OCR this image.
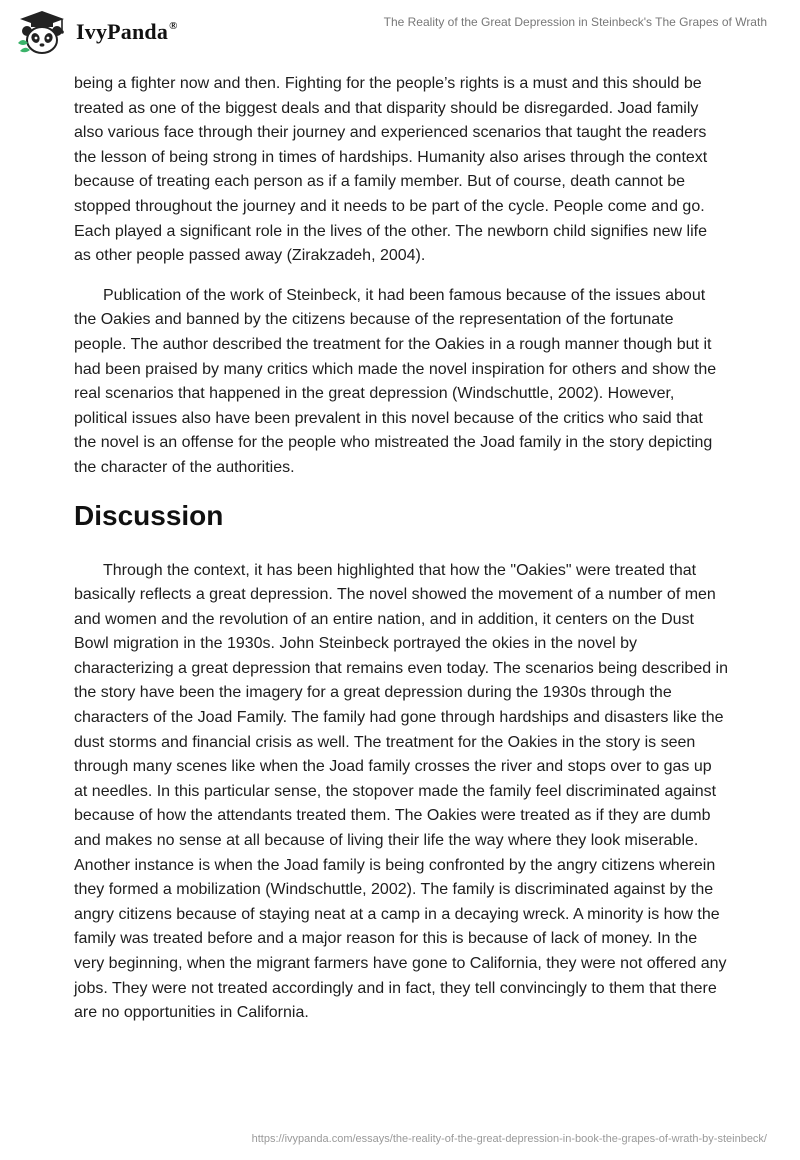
IvyPanda®	The Reality of the Great Depression in Steinbeck's The Grapes of Wrath

being a fighter now and then. Fighting for the people’s rights is a must and this should be treated as one of the biggest deals and that disparity should be disregarded. Joad family also various face through their journey and experienced scenarios that taught the readers the lesson of being strong in times of hardships. Humanity also arises through the context because of treating each person as if a family member. But of course, death cannot be stopped throughout the journey and it needs to be part of the cycle. People come and go. Each played a significant role in the lives of the other. The newborn child signifies new life as other people passed away (Zirakzadeh, 2004).

Publication of the work of Steinbeck, it had been famous because of the issues about the Oakies and banned by the citizens because of the representation of the fortunate people. The author described the treatment for the Oakies in a rough manner though but it had been praised by many critics which made the novel inspiration for others and show the real scenarios that happened in the great depression (Windschuttle, 2002). However, political issues also have been prevalent in this novel because of the critics who said that the novel is an offense for the people who mistreated the Joad family in the story depicting the character of the authorities.

Discussion

Through the context, it has been highlighted that how the "Oakies" were treated that basically reflects a great depression. The novel showed the movement of a number of men and women and the revolution of an entire nation, and in addition, it centers on the Dust Bowl migration in the 1930s. John Steinbeck portrayed the okies in the novel by characterizing a great depression that remains even today. The scenarios being described in the story have been the imagery for a great depression during the 1930s through the characters of the Joad Family. The family had gone through hardships and disasters like the dust storms and financial crisis as well. The treatment for the Oakies in the story is seen through many scenes like when the Joad family crosses the river and stops over to gas up at needles. In this particular sense, the stopover made the family feel discriminated against because of how the attendants treated them. The Oakies were treated as if they are dumb and makes no sense at all because of living their life the way where they look miserable. Another instance is when the Joad family is being confronted by the angry citizens wherein they formed a mobilization (Windschuttle, 2002). The family is discriminated against by the angry citizens because of staying neat at a camp in a decaying wreck. A minority is how the family was treated before and a major reason for this is because of lack of money. In the very beginning, when the migrant farmers have gone to California, they were not offered any jobs. They were not treated accordingly and in fact, they tell convincingly to them that there are no opportunities in California.

https://ivypanda.com/essays/the-reality-of-the-great-depression-in-book-the-grapes-of-wrath-by-steinbeck/
